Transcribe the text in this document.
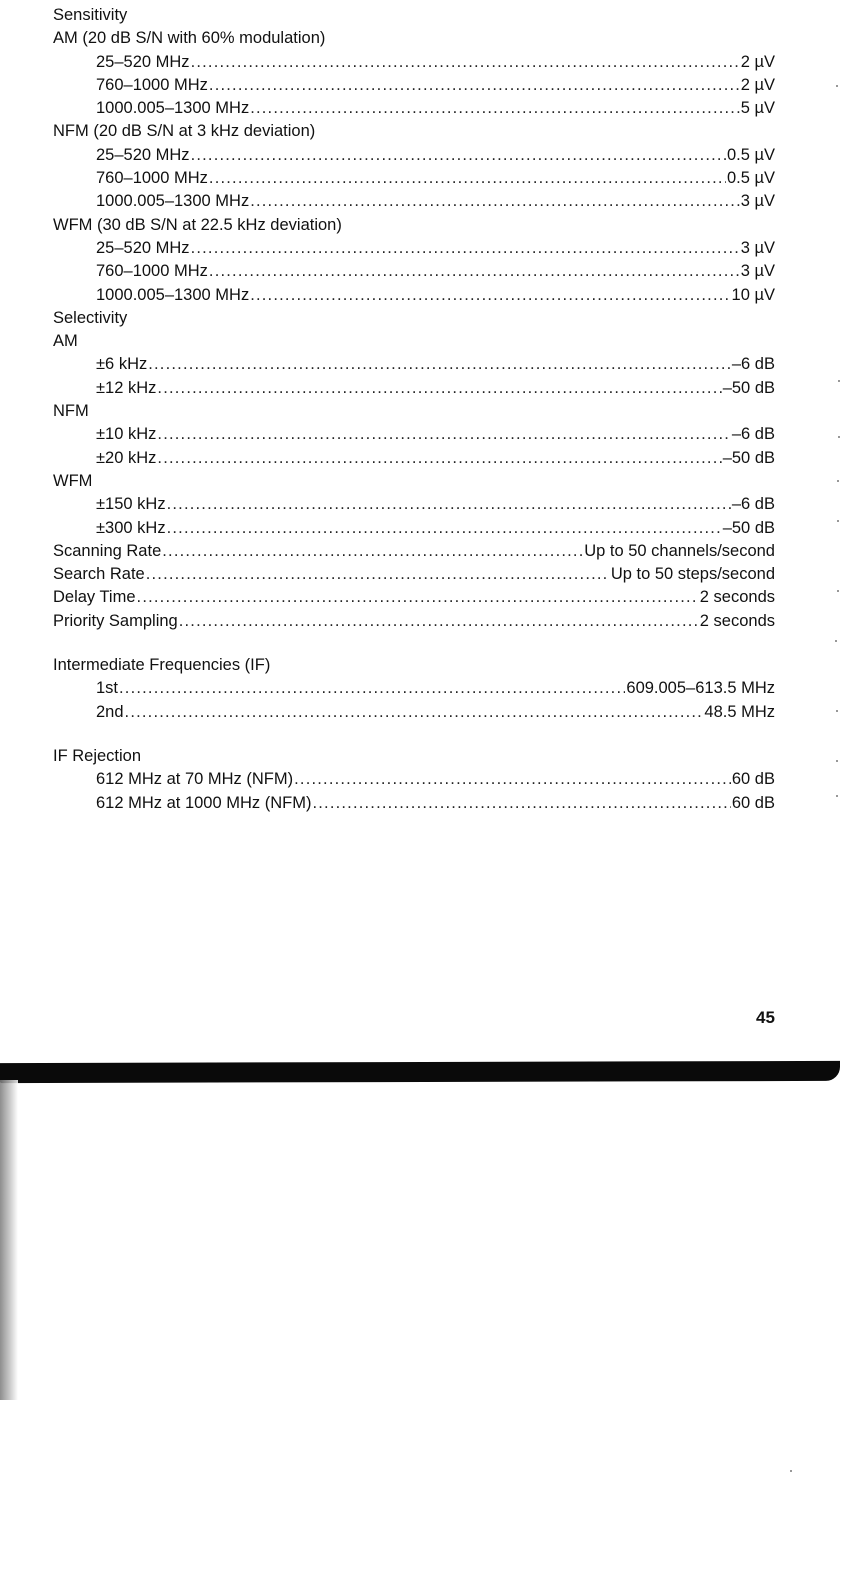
Sensitivity
AM (20 dB S/N with 60% modulation)
25–520 MHz .....	2 µV
760–1000 MHz .....	2 µV
1000.005–1300 MHz .....	5 µV
NFM (20 dB S/N at 3 kHz deviation)
25–520 MHz .....	0.5 µV
760–1000 MHz .....	0.5 µV
1000.005–1300 MHz .....	3 µV
WFM (30 dB S/N at 22.5 kHz deviation)
25–520 MHz .....	3 µV
760–1000 MHz .....	3 µV
1000.005–1300 MHz .....	10 µV
Selectivity
AM
±6 kHz .....	–6 dB
±12 kHz .....	–50 dB
NFM
±10 kHz .....	–6 dB
±20 kHz .....	–50 dB
WFM
±150 kHz .....	–6 dB
±300 kHz .....	–50 dB
Scanning Rate .....	Up to 50 channels/second
Search Rate .....	Up to 50 steps/second
Delay Time .....	2 seconds
Priority Sampling .....	2 seconds
Intermediate Frequencies (IF)
1st .....	609.005–613.5 MHz
2nd .....	48.5 MHz
IF Rejection
612 MHz at 70 MHz (NFM) .....	60 dB
612 MHz at 1000 MHz (NFM) .....	60 dB
45
